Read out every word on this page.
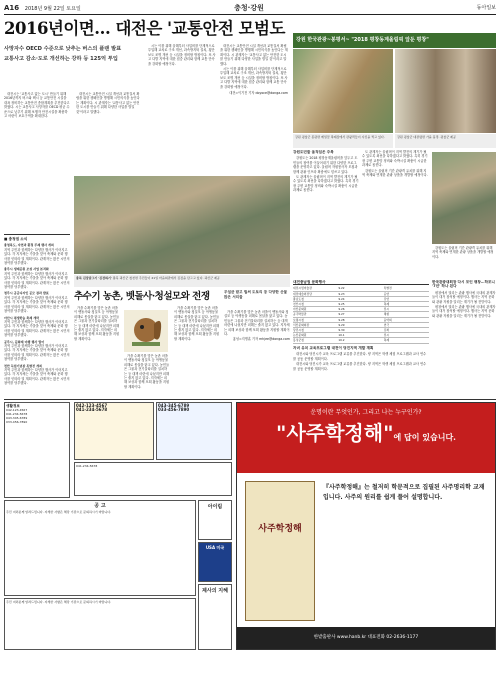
A16 2018년 9월 22일 토요일	충청·강원	동아일보
2016년이면… 대전은 '교통안전 모범도
사망자수 OECD 수준으로 낮추는 버스의 플랜 발표
교통사고 감소·도로 개선하는 강하 등 125억 투입

대전시는 '교통사고 없는 도시' 만들기 위해 2016년까지 버스와 택시 등 교통안전 시설을 대폭 정비하는 교통안전 종합계획을 추진한다고 밝혔다. 시는 교통사고 사망자를 OECD 평균 수준으로 낮추기 위해 보행자 안전시설을 확충하고 어린이 보호구역을 확대한다.

대전시는 교통안전 시설 개선과 교통질서 확립을 위한 캠페인을 병행해 시민의식을 높인다는 계획이다. 시 관계자는 '교통사고 없는 안전한 도시를 만들기 위해 다양한 사업을 벌일 것'이라고 말했다.

시는 이를 위해 올해부터 사업비를 단계적으로 투입해 교차로 구조 개선, 과속방지턱 설치, 횡단보도 조명 개선 등 시설을 정비할 방침이다. 또 사고 다발 지역에 대한 집중 관리와 함께 교통 단속을 강화할 예정이다.

대전시는 교통안전 시설 개선과 교통질서 확립을 위한 캠페인을 병행해 시민의식을 높인다는 계획이다. 시 관계자는 '교통사고 없는 안전한 도시를 만들기 위해 다양한 사업을 벌일 것'이라고 말했다.

시는 이를 위해 올해부터 사업비를 단계적으로 투입해 교차로 구조 개선, 과속방지턱 설치, 횡단보도 조명 개선 등 시설을 정비할 방침이다. 또 사고 다발 지역에 대한 집중 관리와 함께 교통 단속을 강화할 예정이다.

대전=이기진 기자 doyoce@donga.com
■ 충청권 소식
충청북도, 자연과 환경 주제 행사 개최
지역 주민과 함께하는 다양한 행사가 이어지고 있다. 각 지자체는 가을을 맞아 축제와 문화 행사를 잇따라 열 계획이다. 관계자는 많은 시민의 참여를 당부했다.
충주시 생태공원 조성 사업 본격화
지역 주민과 함께하는 다양한 행사가 이어지고 있다. 각 지자체는 가을을 맞아 축제와 문화 행사를 잇따라 열 계획이다. 관계자는 많은 시민의 참여를 당부했다.
청주시 공공디자인 공모 결과 발표
지역 주민과 함께하는 다양한 행사가 이어지고 있다. 각 지자체는 가을을 맞아 축제와 문화 행사를 잇따라 열 계획이다. 관계자는 많은 시민의 참여를 당부했다.
아산시 평생학습 축제 개막
지역 주민과 함께하는 다양한 행사가 이어지고 있다. 각 지자체는 가을을 맞아 축제와 문화 행사를 잇따라 열 계획이다. 관계자는 많은 시민의 참여를 당부했다.
공주시, 문화재 야행 행사 열어
지역 주민과 함께하는 다양한 행사가 이어지고 있다. 각 지자체는 가을을 맞아 축제와 문화 행사를 잇따라 열 계획이다. 관계자는 많은 시민의 참여를 당부했다.
천안 독립기념관 특별전 개최
지역 주민과 함께하는 다양한 행사가 이어지고 있다. 각 지자체는 가을을 맞아 축제와 문화 행사를 잇따라 열 계획이다. 관계자는 많은 시민의 참여를 당부했다.
충북 김장담그기 '김장하기' 충북 괴산군 청천면 주민들이 21일 마을회관에서 김장을 담그고 있다. 괴산군 제공
추수기 농촌, 벳돌사·청설모와 전쟁	무설균 밤고 벌써 도토리 등 다양한 산물 많은 서리들

가을 수확기를 맞은 농촌 마을이 벳돌사와 청설모 등 야생동물 피해로 몸살을 앓고 있다. 농민들은 그물과 전기울타리를 설치하는 등 대책 마련에 나섰지만 피해는 줄지 않고 있다. 지자체는 피해 보상과 함께 포획 활동을 지원할 계획이다.

가을 수확기를 맞은 농촌 마을이 벳돌사와 청설모 등 야생동물 피해로 몸살을 앓고 있다. 농민들은 그물과 전기울타리를 설치하는 등 대책 마련에 나섰지만 피해는 줄지 않고 있다. 지자체는 피해 보상과 함께 포획 활동을 지원할 계획이다.

가을 수확기를 맞은 농촌 마을이 벳돌사와 청설모 등 야생동물 피해로 몸살을 앓고 있다. 농민들은 그물과 전기울타리를 설치하는 등 대책 마련에 나섰지만 피해는 줄지 않고 있다. 지자체는 피해 보상과 함께 포획 활동을 지원할 계획이다.

가을 수확기를 맞은 농촌 마을이 벳돌사와 청설모 등 야생동물 피해로 몸살을 앓고 있다. 농민들은 그물과 전기울타리를 설치하는 등 대책 마련에 나섰지만 피해는 줄지 않고 있다. 지자체는 피해 보상과 함께 포획 활동을 지원할 계획이다.

홍성=지명훈 기자 mhjee@donga.com
강원 한국관광~봉평서~ "2018 평창동계올림픽 앞둔 평창"
강원 평창군 봉평면 메밀꽃 축제장에서 관광객들이 사진을 찍고 있다.	강원 평창군 대관령면 가을 풍경. 평창군 제공
강원도민들 움직임은 주목

강원도는 2018 평창동계올림픽을 앞두고 도민들의 참여를 이끌어내기 위한 다양한 프로그램을 운영하고 있다. 올림픽 자원봉사자 모집과 함께 관광 인프라 확충에도 힘쓰고 있다.

도 관계자는 올림픽이 지역 발전의 계기가 될 수 있도록 최선을 다하겠다고 밝혔다. 특히 경기장 주변 교통망 정비와 숙박시설 확충이 시급한 과제로 꼽힌다.

도 관계자는 올림픽이 지역 발전의 계기가 될 수 있도록 최선을 다하겠다고 밝혔다. 특히 경기장 주변 교통망 정비와 숙박시설 확충이 시급한 과제로 꼽힌다.

강원도는 올림픽 기간 관광객 유치를 위해 지역 축제와 연계한 관광 상품을 개발할 예정이다.

강원도는 올림픽 기간 관광객 유치를 위해 지역 축제와 연계한 관광 상품을 개발할 예정이다.

대전충남권 문화행사
대전시립미술관	9.22	특별전
대전예술의전당	9.23	공연
충남도청	9.24	강연
천안시청	9.25	축제
아산문화원	9.26	전시
공주박물관	9.27	체험
보령시청	9.28	음악회
서산문화회관	9.29	연극
당진시청	9.30	강좌
논산문화원	10.1	전시
홍성군청	10.2	축제
한국관광대회장 다시 모인 평창…하모니 '7년' 하나 된다

평창에서 열리는 관광 행사에 국내외 관계자들이 대거 참석할 예정이다. 행사는 지역 문화와 관광 자원을 알리는 계기가 될 전망이다.

평창에서 열리는 관광 행사에 국내외 관계자들이 대거 참석할 예정이다. 행사는 지역 문화와 관광 자원을 알리는 계기가 될 전망이다.

자녀 유치 교육프로그램 대전이 당진지역 개발 계획

대전시와 당진시가 교육 프로그램 교류를 추진한다. 양 지역은 학생 체험 프로그램과 교사 연수를 공동 운영할 계획이다.

대전시와 당진시가 교육 프로그램 교류를 추진한다. 양 지역은 학생 체험 프로그램과 교사 연수를 공동 운영할 계획이다.

생활정보
042-123-4567
041-234-5678
043-345-6789
033-456-7890
042-123-4567
041-234-5678
043-345-6789
033-456-7890
041-234-5678
공 고
주민 여러분께 알려드립니다. 자세한 사항은 해당 기관으로 문의하시기 바랍니다.
주민 여러분께 알려드립니다. 자세한 사항은 해당 기관으로 문의하시기 바랍니다.
아이림
USA 미국
제사의 지혜
운명이란 무엇인가, 그리고 나는 누구인가?
"사주학정해"에 답이 있습니다.
사주학정해
『사주학정해』는 철저히 학문적으로 집필된 사주명리학 교재입니다. 사주의 원리를 쉽게 풀어 설명합니다.
한밭출판사 www.hanb.kr 대표전화 02-2636-1177
